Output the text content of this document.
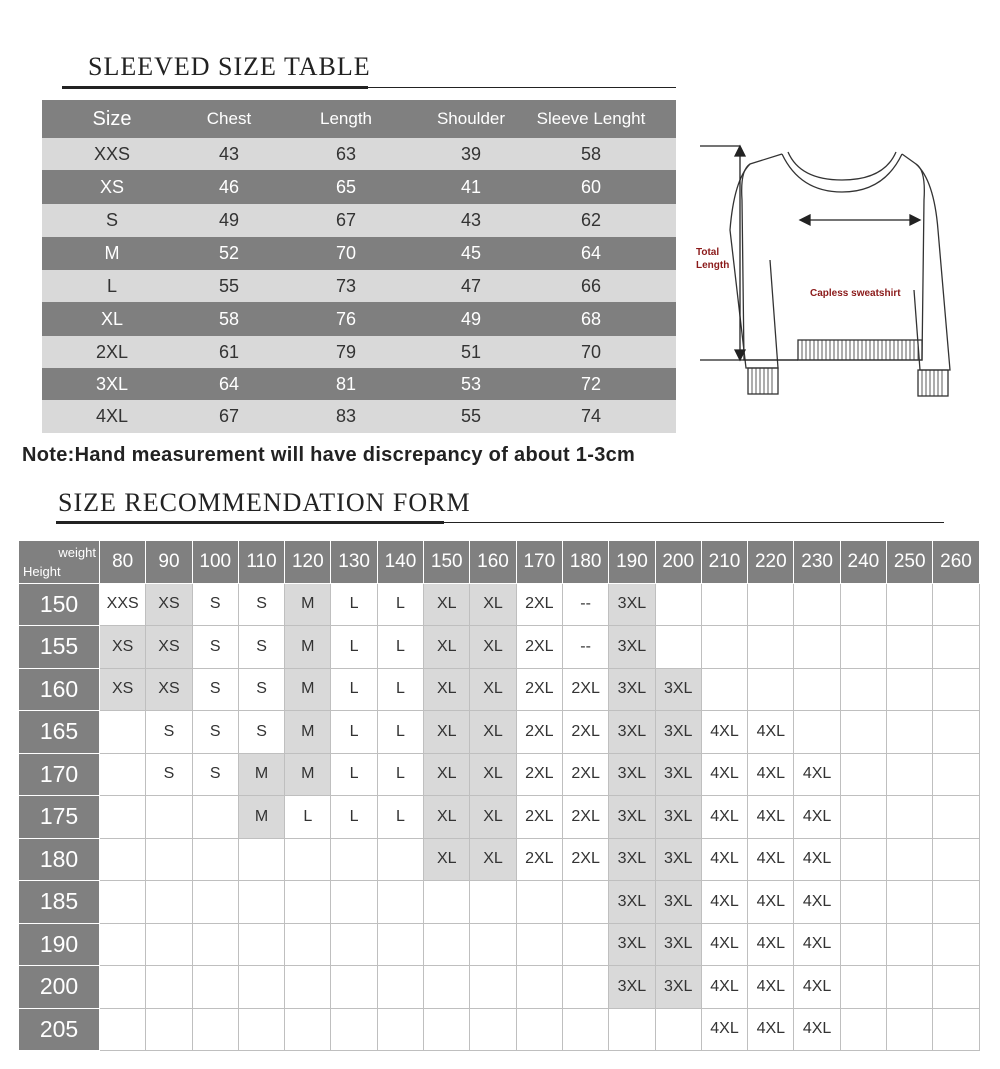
SLEEVED SIZE TABLE
Size	Chest	Length	Shoulder	Sleeve Lenght
XXS	43	63	39	58
XS	46	65	41	60
S	49	67	43	62
M	52	70	45	64
L	55	73	47	66
XL	58	76	49	68
2XL	61	79	51	70
3XL	64	81	53	72
4XL	67	83	55	74
Note:Hand measurement will have discrepancy of about 1-3cm
Total Length
Capless sweatshirt
SIZE RECOMMENDATION FORM
weight
Height	80	90	100	110	120	130	140	150	160	170	180	190	200	210	220	230	240	250	260
150	XXS	XS	S	S	M	L	L	XL	XL	2XL	--	3XL							
155	XS	XS	S	S	M	L	L	XL	XL	2XL	--	3XL							
160	XS	XS	S	S	M	L	L	XL	XL	2XL	2XL	3XL	3XL						
165		S	S	S	M	L	L	XL	XL	2XL	2XL	3XL	3XL	4XL	4XL				
170		S	S	M	M	L	L	XL	XL	2XL	2XL	3XL	3XL	4XL	4XL	4XL			
175				M	L	L	L	XL	XL	2XL	2XL	3XL	3XL	4XL	4XL	4XL			
180								XL	XL	2XL	2XL	3XL	3XL	4XL	4XL	4XL			
185												3XL	3XL	4XL	4XL	4XL			
190												3XL	3XL	4XL	4XL	4XL			
200												3XL	3XL	4XL	4XL	4XL			
205														4XL	4XL	4XL			
